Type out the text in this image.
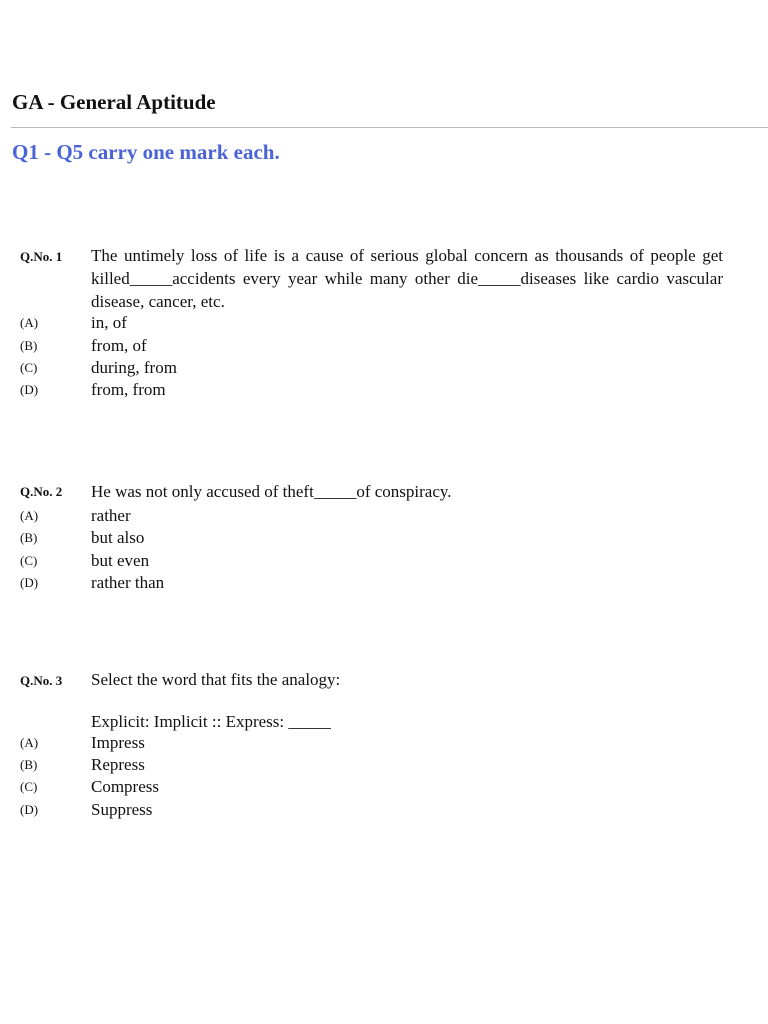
GA - General Aptitude
Q1 - Q5 carry one mark each.
Q.No. 1 The untimely loss of life is a cause of serious global concern as thousands of people get killed_____accidents every year while many other die_____diseases like cardio vascular disease, cancer, etc.
(A)	in, of
(B)	from, of
(C)	during, from
(D)	from, from
Q.No. 2 He was not only accused of theft_____of conspiracy.
(A)	rather
(B)	but also
(C)	but even
(D)	rather than
Q.No. 3 Select the word that fits the analogy:
Explicit: Implicit :: Express: _____
(A)	Impress
(B)	Repress
(C)	Compress
(D)	Suppress
